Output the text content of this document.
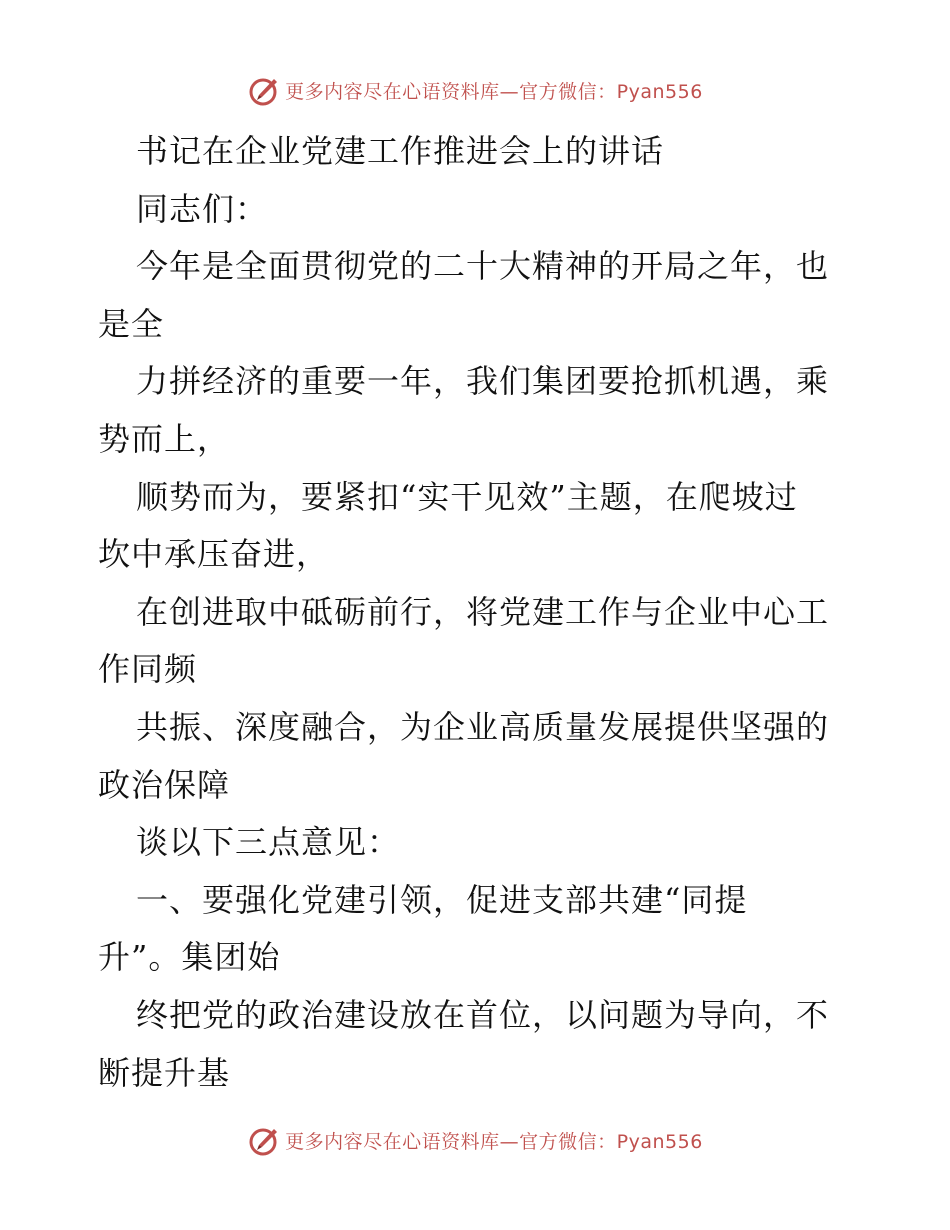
更多内容尽在心语资料库—官方微信：Pyan556
书记在企业党建工作推进会上的讲话
同志们：
今年是全面贯彻党的二十大精神的开局之年，也
是全
力拼经济的重要一年，我们集团要抢抓机遇，乘
势而上，
顺势而为，要紧扣“实干见效”主题，在爬坡过
坎中承压奋进，
在创进取中砥砺前行，将党建工作与企业中心工
作同频
共振、深度融合，为企业高质量发展提供坚强的
政治保障
谈以下三点意见：
一、要强化党建引领，促进支部共建“同提
升”。集团始
终把党的政治建设放在首位，以问题为导向，不
断提升基
更多内容尽在心语资料库—官方微信：Pyan556
